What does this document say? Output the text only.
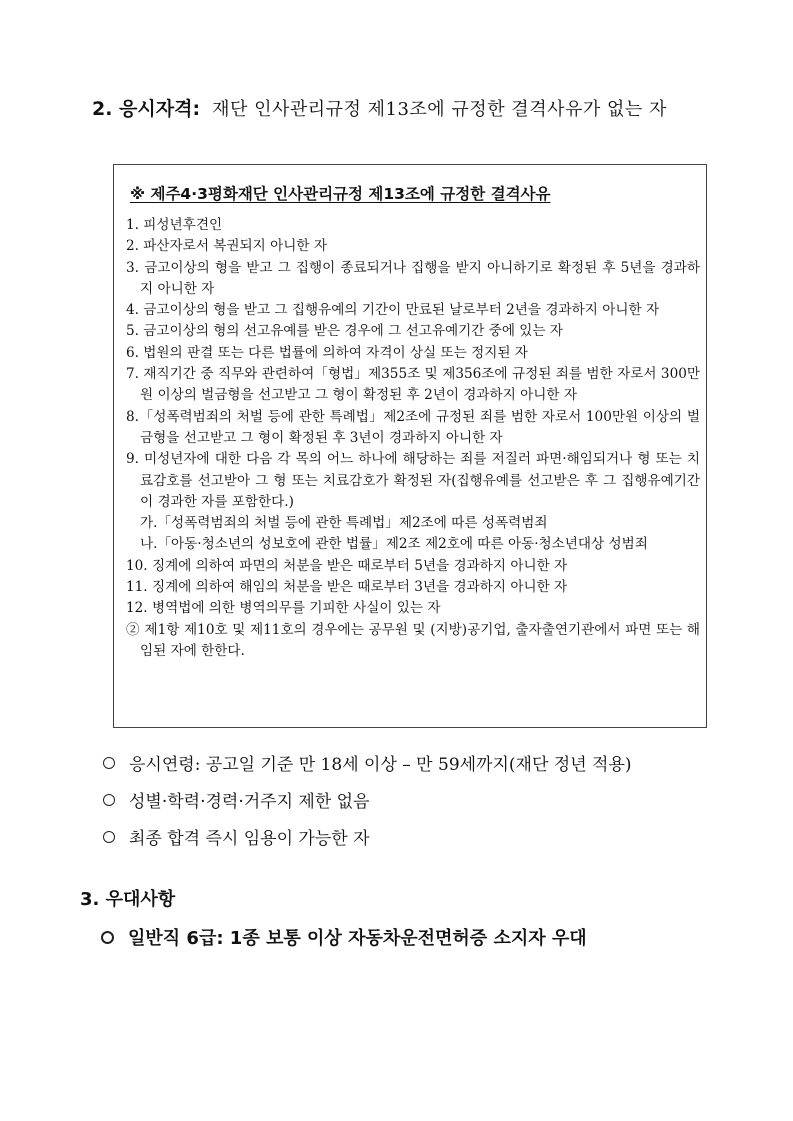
2. 응시자격: 재단 인사관리규정 제13조에 규정한 결격사유가 없는 자
※ 제주4·3평화재단 인사관리규정 제13조에 규정한 결격사유
1. 피성년후견인
2. 파산자로서 복권되지 아니한 자
3. 금고이상의 형을 받고 그 집행이 종료되거나 집행을 받지 아니하기로 확정된 후 5년을 경과하지 아니한 자
4. 금고이상의 형을 받고 그 집행유예의 기간이 만료된 날로부터 2년을 경과하지 아니한 자
5. 금고이상의 형의 선고유예를 받은 경우에 그 선고유예기간 중에 있는 자
6. 법원의 판결 또는 다른 법률에 의하여 자격이 상실 또는 정지된 자
7. 재직기간 중 직무와 관련하여「형법」제355조 및 제356조에 규정된 죄를 범한 자로서 300만원 이상의 벌금형을 선고받고 그 형이 확정된 후 2년이 경과하지 아니한 자
8.「성폭력범죄의 처벌 등에 관한 특례법」제2조에 규정된 죄를 범한 자로서 100만원 이상의 벌금형을 선고받고 그 형이 확정된 후 3년이 경과하지 아니한 자
9. 미성년자에 대한 다음 각 목의 어느 하나에 해당하는 죄를 저질러 파면·해임되거나 형 또는 치료감호를 선고받아 그 형 또는 치료감호가 확정된 자(집행유예를 선고받은 후 그 집행유예기간이 경과한 자를 포함한다.)
가.「성폭력범죄의 처벌 등에 관한 특례법」제2조에 따른 성폭력범죄
나.「아동·청소년의 성보호에 관한 법률」제2조 제2호에 따른 아동·청소년대상 성범죄
10. 징계에 의하여 파면의 처분을 받은 때로부터 5년을 경과하지 아니한 자
11. 징계에 의하여 해임의 처분을 받은 때로부터 3년을 경과하지 아니한 자
12. 병역법에 의한 병역의무를 기피한 사실이 있는 자
② 제1항 제10호 및 제11호의 경우에는 공무원 및 (지방)공기업, 출자출연기관에서 파면 또는 해임된 자에 한한다.
응시연령: 공고일 기준 만 18세 이상 – 만 59세까지(재단 정년 적용)
성별·학력·경력·거주지 제한 없음
최종 합격 즉시 임용이 가능한 자
3. 우대사항
일반직 6급: 1종 보통 이상 자동차운전면허증 소지자 우대
